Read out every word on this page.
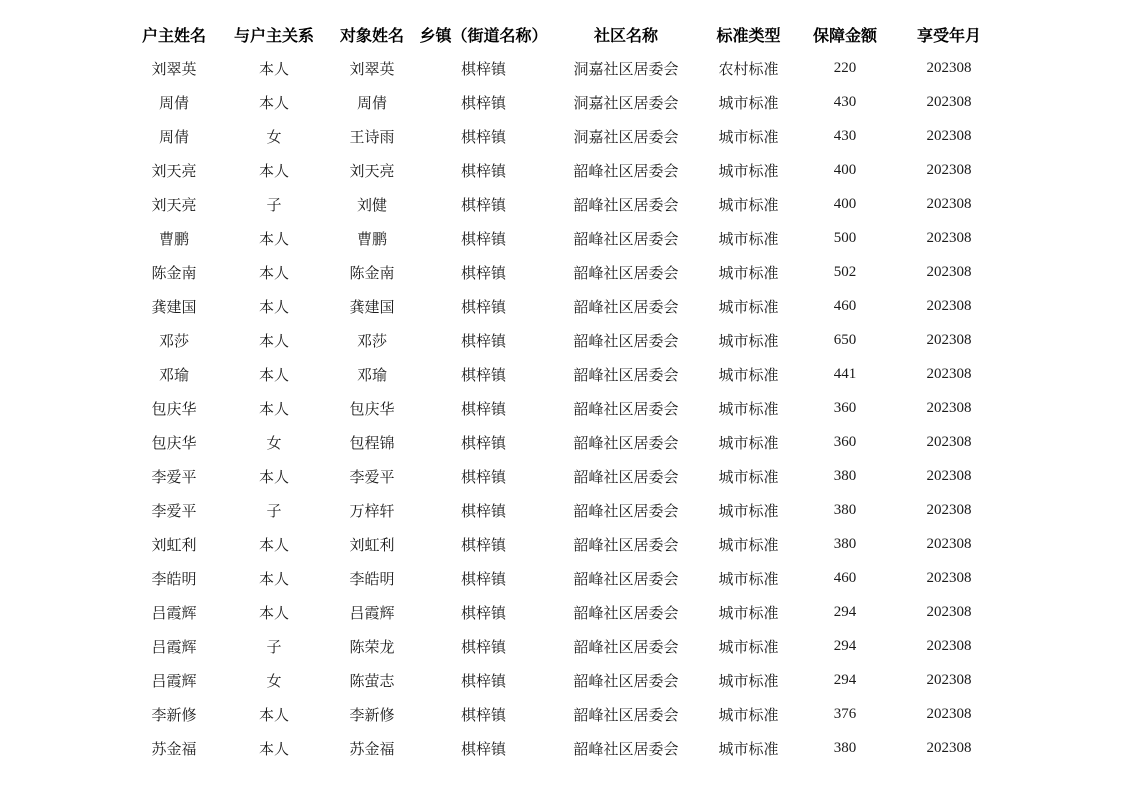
户主姓名	与户主关系	对象姓名	乡镇（街道名称）	社区名称	标准类型	保障金额	享受年月
刘翠英	本人	刘翠英	棋梓镇	洞嘉社区居委会	农村标准	220	202308
周倩	本人	周倩	棋梓镇	洞嘉社区居委会	城市标准	430	202308
周倩	女	王诗雨	棋梓镇	洞嘉社区居委会	城市标准	430	202308
刘天亮	本人	刘天亮	棋梓镇	韶峰社区居委会	城市标准	400	202308
刘天亮	子	刘健	棋梓镇	韶峰社区居委会	城市标准	400	202308
曹鹏	本人	曹鹏	棋梓镇	韶峰社区居委会	城市标准	500	202308
陈金南	本人	陈金南	棋梓镇	韶峰社区居委会	城市标准	502	202308
龚建国	本人	龚建国	棋梓镇	韶峰社区居委会	城市标准	460	202308
邓莎	本人	邓莎	棋梓镇	韶峰社区居委会	城市标准	650	202308
邓瑜	本人	邓瑜	棋梓镇	韶峰社区居委会	城市标准	441	202308
包庆华	本人	包庆华	棋梓镇	韶峰社区居委会	城市标准	360	202308
包庆华	女	包程锦	棋梓镇	韶峰社区居委会	城市标准	360	202308
李爱平	本人	李爱平	棋梓镇	韶峰社区居委会	城市标准	380	202308
李爱平	子	万梓轩	棋梓镇	韶峰社区居委会	城市标准	380	202308
刘虹利	本人	刘虹利	棋梓镇	韶峰社区居委会	城市标准	380	202308
李皓明	本人	李皓明	棋梓镇	韶峰社区居委会	城市标准	460	202308
吕霞辉	本人	吕霞辉	棋梓镇	韶峰社区居委会	城市标准	294	202308
吕霞辉	子	陈荣龙	棋梓镇	韶峰社区居委会	城市标准	294	202308
吕霞辉	女	陈萤志	棋梓镇	韶峰社区居委会	城市标准	294	202308
李新修	本人	李新修	棋梓镇	韶峰社区居委会	城市标准	376	202308
苏金福	本人	苏金福	棋梓镇	韶峰社区居委会	城市标准	380	202308
